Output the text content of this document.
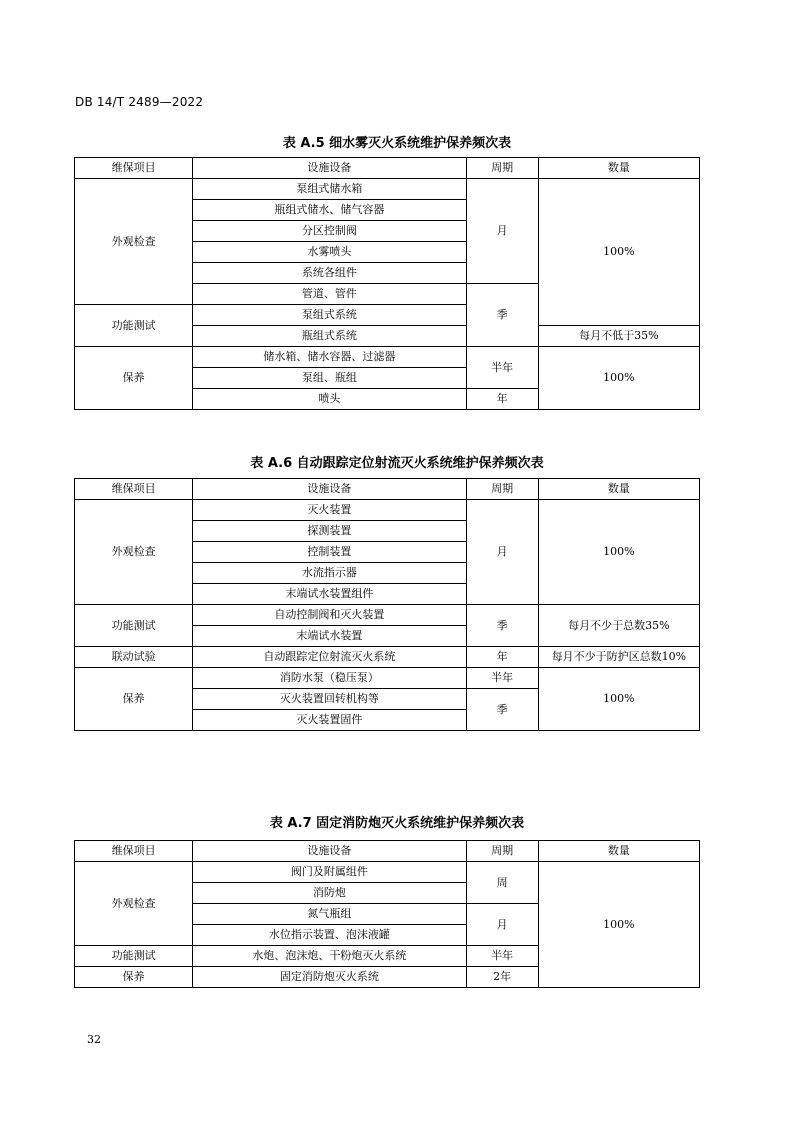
DB 14/T 2489—2022
表 A.5 细水雾灭火系统维护保养频次表
维保项目	设施设备	周期	数量
外观检查	泵组式储水箱	月	100%
	瓶组式储水、储气容器		
	分区控制阀		
	水雾喷头		
	系统各组件		
	管道、管件	季	
功能测试	泵组式系统		
	瓶组式系统		每月不低于35%
保养	储水箱、储水容器、过滤器	半年	100%
	泵组、瓶组		
	喷头	年	
表 A.6 自动跟踪定位射流灭火系统维护保养频次表
维保项目	设施设备	周期	数量
外观检查	灭火装置	月	100%
	探测装置		
	控制装置		
	水流指示器		
	末端试水装置组件		
功能测试	自动控制阀和灭火装置	季	每月不少于总数35%
	末端试水装置		
联动试验	自动跟踪定位射流灭火系统	年	每月不少于防护区总数10%
保养	消防水泵（稳压泵）	半年	100%
	灭火装置回转机构等	季	
	灭火装置固件		
表 A.7 固定消防炮灭火系统维护保养频次表
维保项目	设施设备	周期	数量
外观检查	阀门及附属组件	周	100%
	消防炮		
	氮气瓶组	月	
	水位指示装置、泡沫液罐		
功能测试	水炮、泡沫炮、干粉炮灭火系统	半年	
保养	固定消防炮灭火系统	2年	
32
